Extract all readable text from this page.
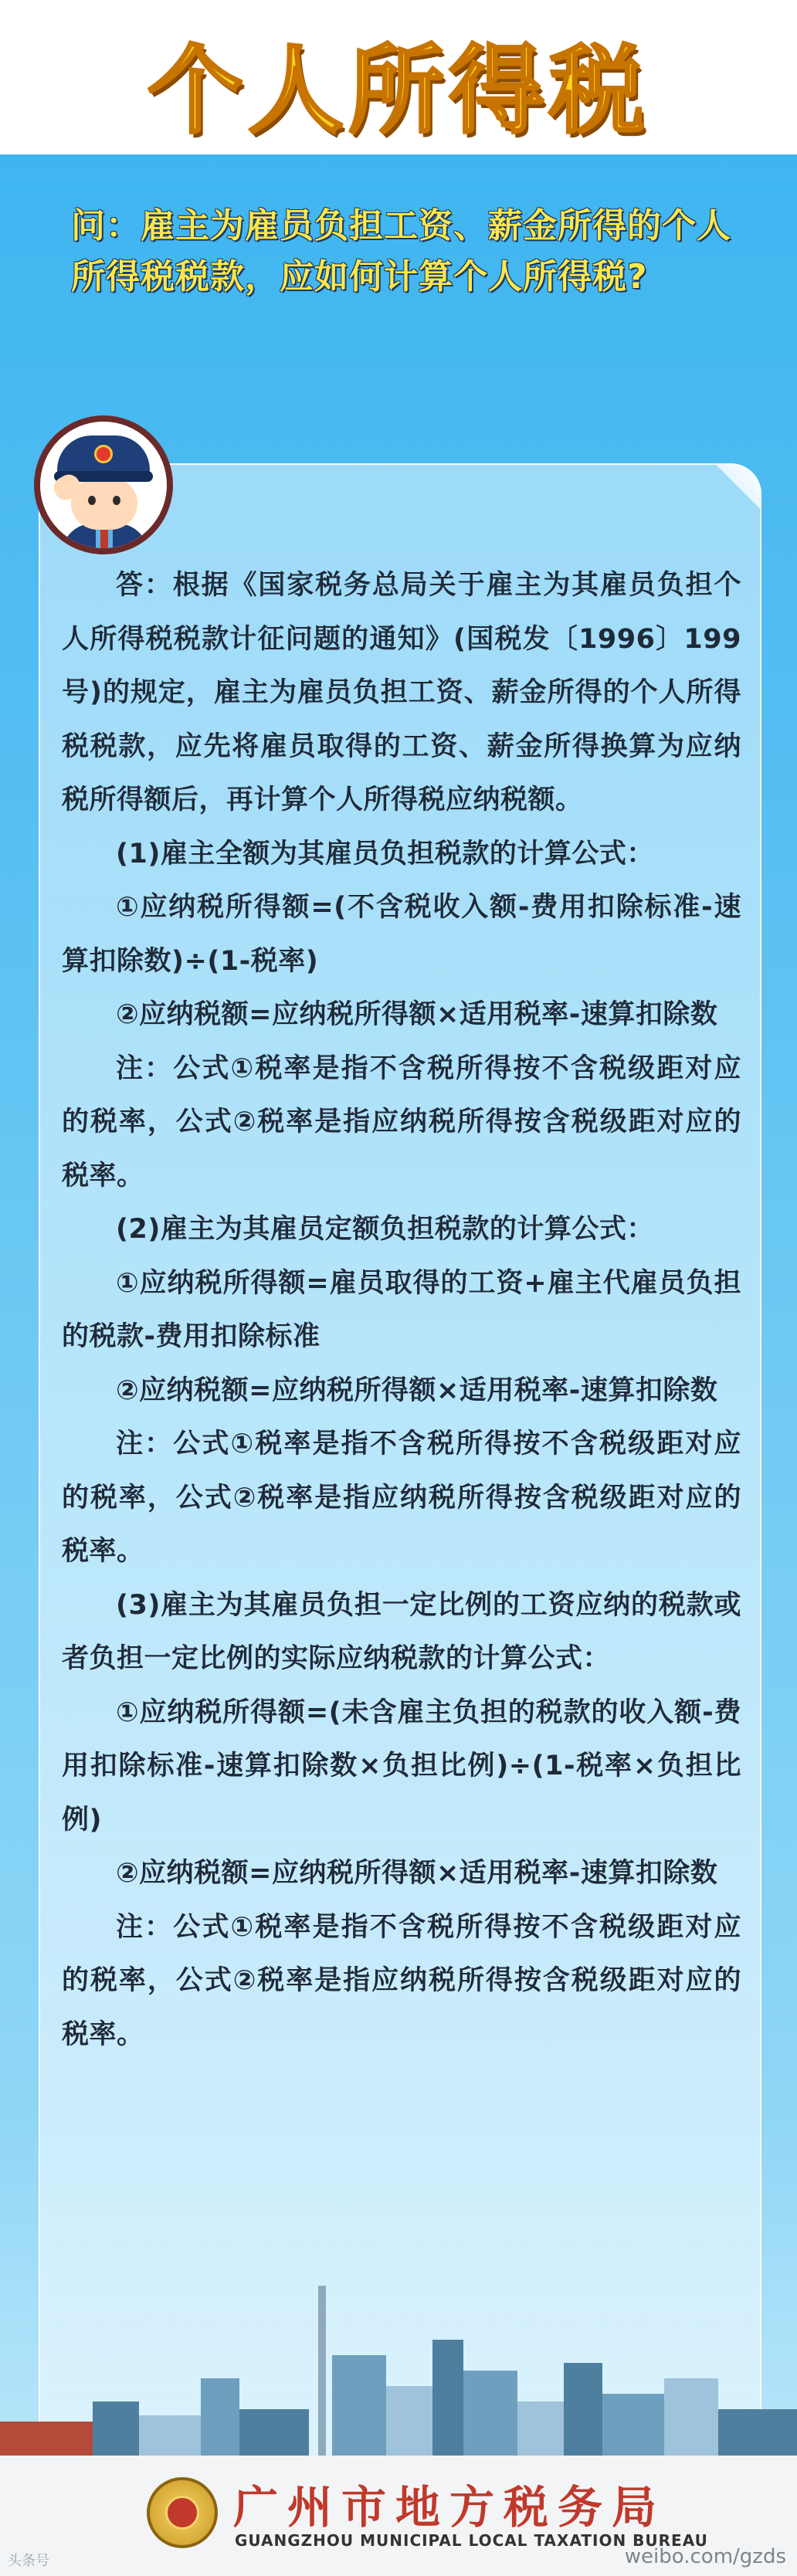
个人所得税
问：雇主为雇员负担工资、薪金所得的个人所得税税款，应如何计算个人所得税?

答：根据《国家税务总局关于雇主为其雇员负担个人所得税税款计征问题的通知》(国税发〔1996〕199号)的规定，雇主为雇员负担工资、薪金所得的个人所得税税款，应先将雇员取得的工资、薪金所得换算为应纳税所得额后，再计算个人所得税应纳税额。

(1)雇主全额为其雇员负担税款的计算公式：

①应纳税所得额=(不含税收入额-费用扣除标准-速算扣除数)÷(1-税率)

②应纳税额=应纳税所得额×适用税率-速算扣除数

注：公式①税率是指不含税所得按不含税级距对应的税率，公式②税率是指应纳税所得按含税级距对应的税率。

(2)雇主为其雇员定额负担税款的计算公式：

①应纳税所得额=雇员取得的工资+雇主代雇员负担的税款-费用扣除标准

②应纳税额=应纳税所得额×适用税率-速算扣除数

注：公式①税率是指不含税所得按不含税级距对应的税率，公式②税率是指应纳税所得按含税级距对应的税率。

(3)雇主为其雇员负担一定比例的工资应纳的税款或者负担一定比例的实际应纳税款的计算公式：

①应纳税所得额=(未含雇主负担的税款的收入额-费用扣除标准-速算扣除数×负担比例)÷(1-税率×负担比例)

②应纳税额=应纳税所得额×适用税率-速算扣除数

注：公式①税率是指不含税所得按不含税级距对应的税率，公式②税率是指应纳税所得按含税级距对应的税率。

广州市地方税务局
GUANGZHOU MUNICIPAL LOCAL TAXATION BUREAU
头条号	weibo.com/gzds
